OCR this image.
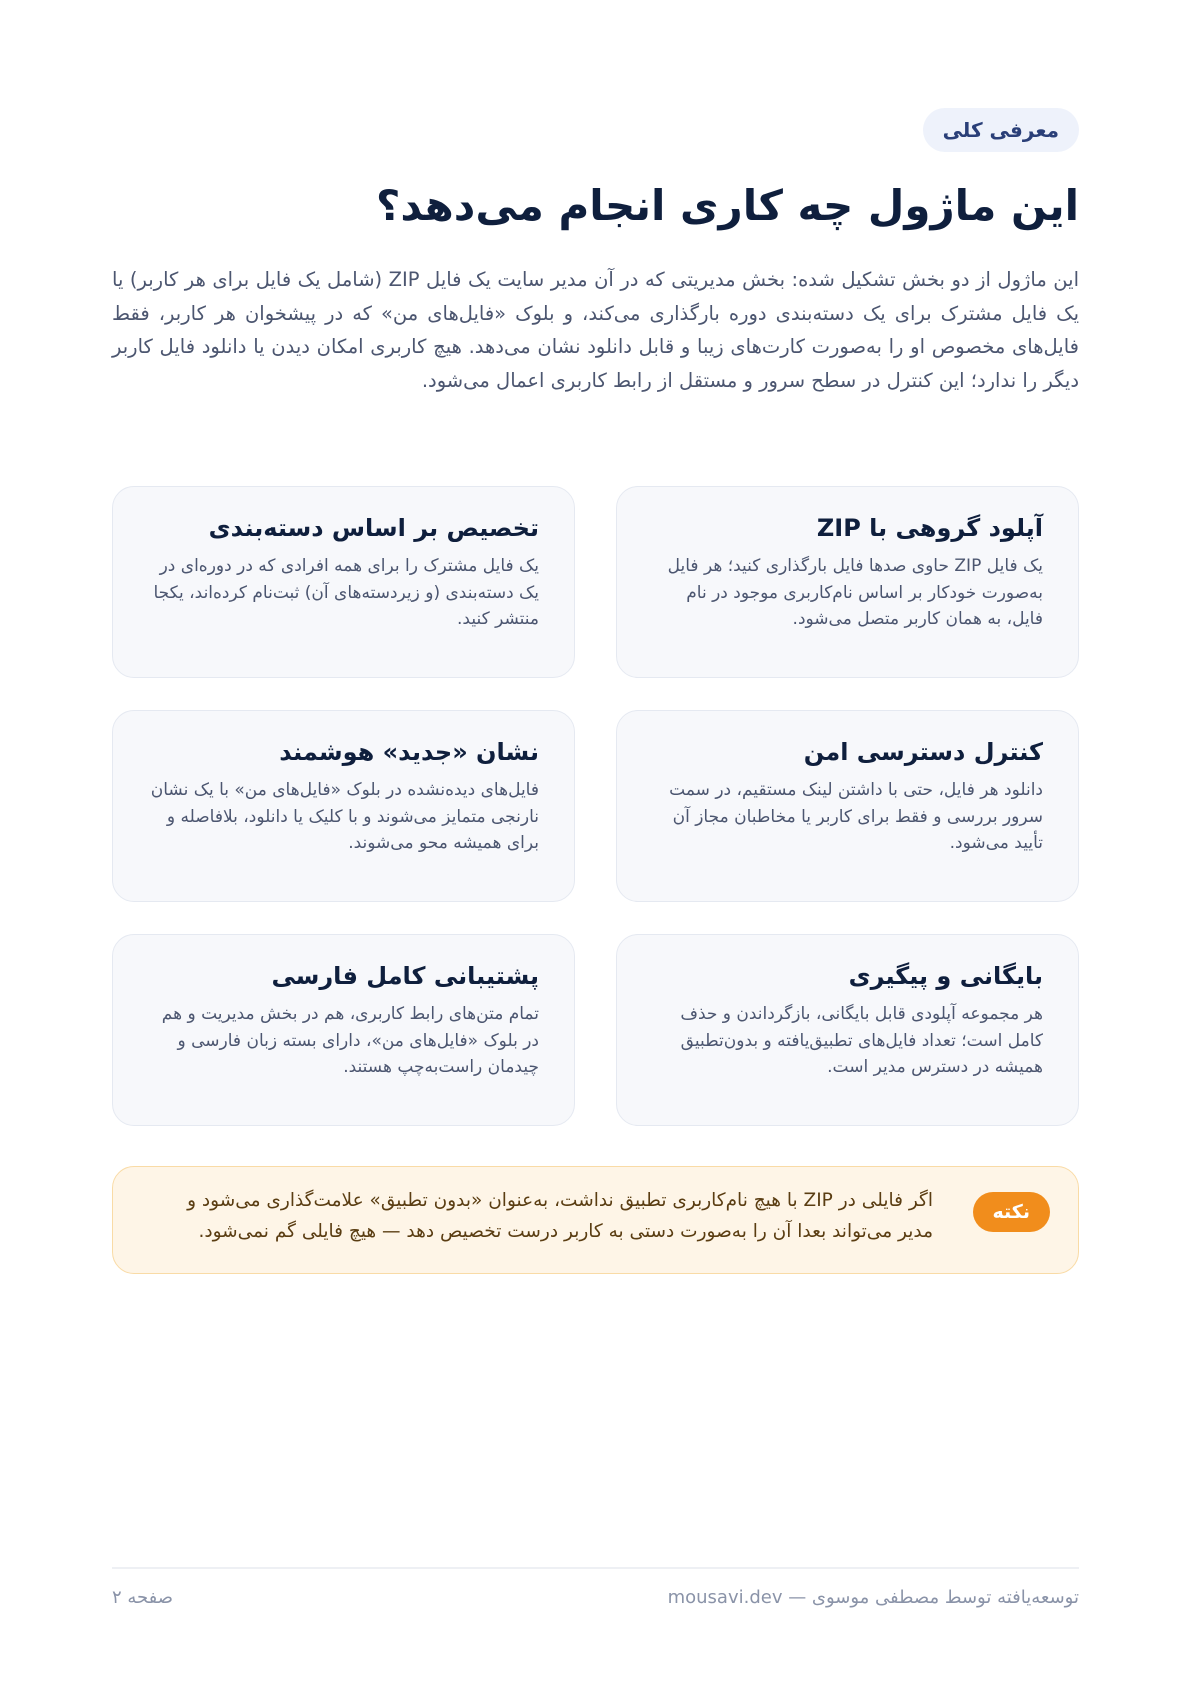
معرفی کلی
این ماژول چه کاری انجام می‌دهد؟

این ماژول از دو بخش تشکیل شده: بخش مدیریتی که در آن مدیر سایت یک فایل ZIP (شامل یک فایل برای هر کاربر) یا یک فایل مشترک برای یک دسته‌بندی دوره بارگذاری می‌کند، و بلوک «فایل‌های من» که در پیشخوان هر کاربر، فقط فایل‌های مخصوص او را به‌صورت کارت‌های زیبا و قابل دانلود نشان می‌دهد. هیچ کاربری امکان دیدن یا دانلود فایل کاربر دیگر را ندارد؛ این کنترل در سطح سرور و مستقل از رابط کاربری اعمال می‌شود.

آپلود گروهی با ZIP

یک فایل ZIP حاوی صدها فایل بارگذاری کنید؛ هر فایل به‌صورت خودکار بر اساس نام‌کاربری موجود در نام فایل، به همان کاربر متصل می‌شود.

تخصیص بر اساس دسته‌بندی

یک فایل مشترک را برای همه افرادی که در دوره‌ای در یک دسته‌بندی (و زیردسته‌های آن) ثبت‌نام کرده‌اند، یکجا منتشر کنید.

کنترل دسترسی امن

دانلود هر فایل، حتی با داشتن لینک مستقیم، در سمت سرور بررسی و فقط برای کاربر یا مخاطبان مجاز آن تأیید می‌شود.

نشان «جدید» هوشمند

فایل‌های دیده‌نشده در بلوک «فایل‌های من» با یک نشان نارنجی متمایز می‌شوند و با کلیک یا دانلود، بلافاصله و برای همیشه محو می‌شوند.

بایگانی و پیگیری

هر مجموعه آپلودی قابل بایگانی، بازگرداندن و حذف کامل است؛ تعداد فایل‌های تطبیق‌یافته و بدون‌تطبیق همیشه در دسترس مدیر است.

پشتیبانی کامل فارسی

تمام متن‌های رابط کاربری، هم در بخش مدیریت و هم در بلوک «فایل‌های من»، دارای بسته زبان فارسی و چیدمان راست‌به‌چپ هستند.

نکته

اگر فایلی در ZIP با هیچ نام‌کاربری تطبیق نداشت، به‌عنوان «بدون تطبیق» علامت‌گذاری می‌شود و مدیر می‌تواند بعدا آن را به‌صورت دستی به کاربر درست تخصیص دهد — هیچ فایلی گم نمی‌شود.

توسعه‌یافته توسط مصطفی موسوی — mousavi.dev
صفحه ۲
